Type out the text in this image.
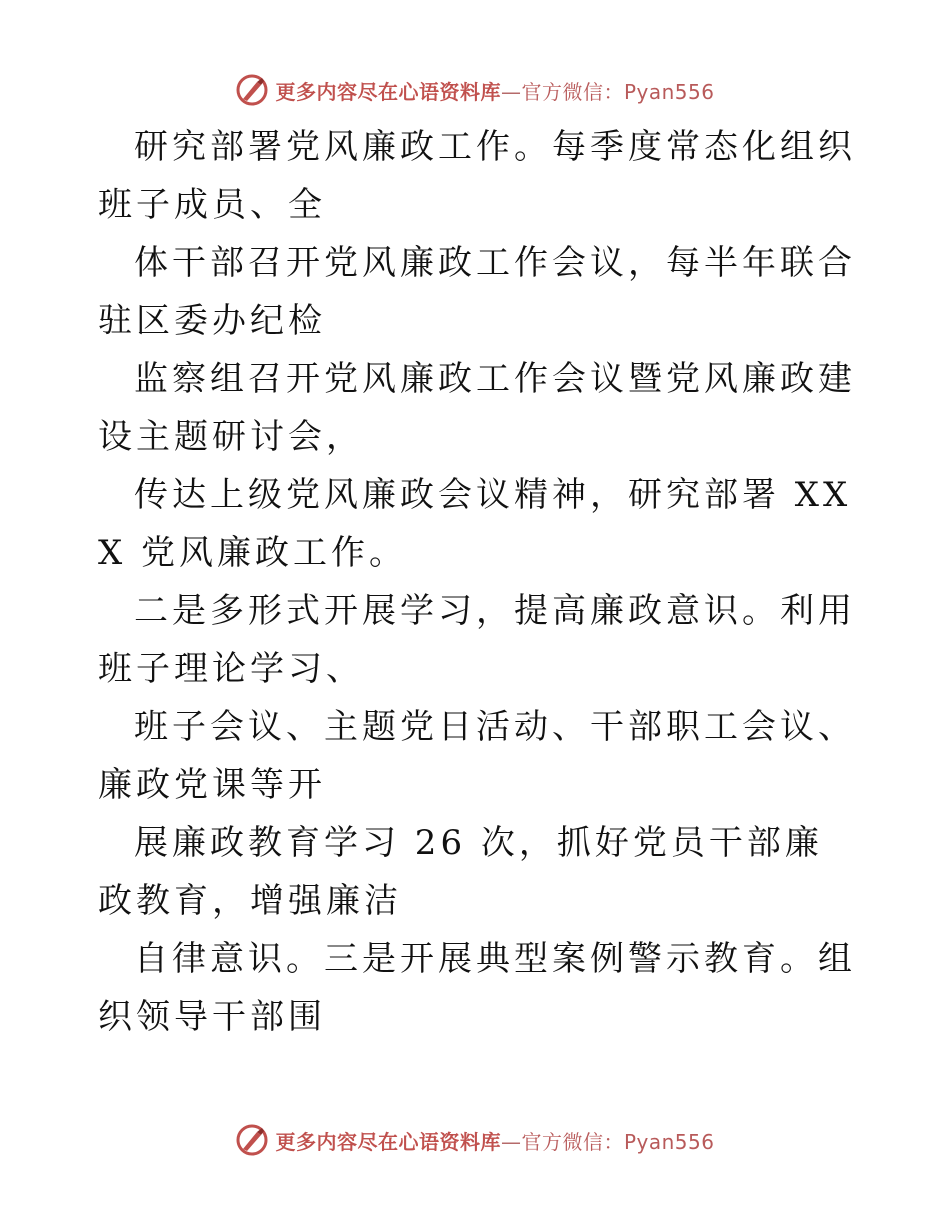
更多内容尽在心语资料库—官方微信：Pyan556

研究部署党风廉政工作。每季度常态化组织班子成员、全

体干部召开党风廉政工作会议，每半年联合驻区委办纪检

监察组召开党风廉政工作会议暨党风廉政建设主题研讨会，

传达上级党风廉政会议精神，研究部署 XXX 党风廉政工作。

二是多形式开展学习，提高廉政意识。利用班子理论学习、

班子会议、主题党日活动、干部职工会议、廉政党课等开

展廉政教育学习 26 次，抓好党员干部廉政教育，增强廉洁

自律意识。三是开展典型案例警示教育。组织领导干部围

更多内容尽在心语资料库—官方微信：Pyan556
